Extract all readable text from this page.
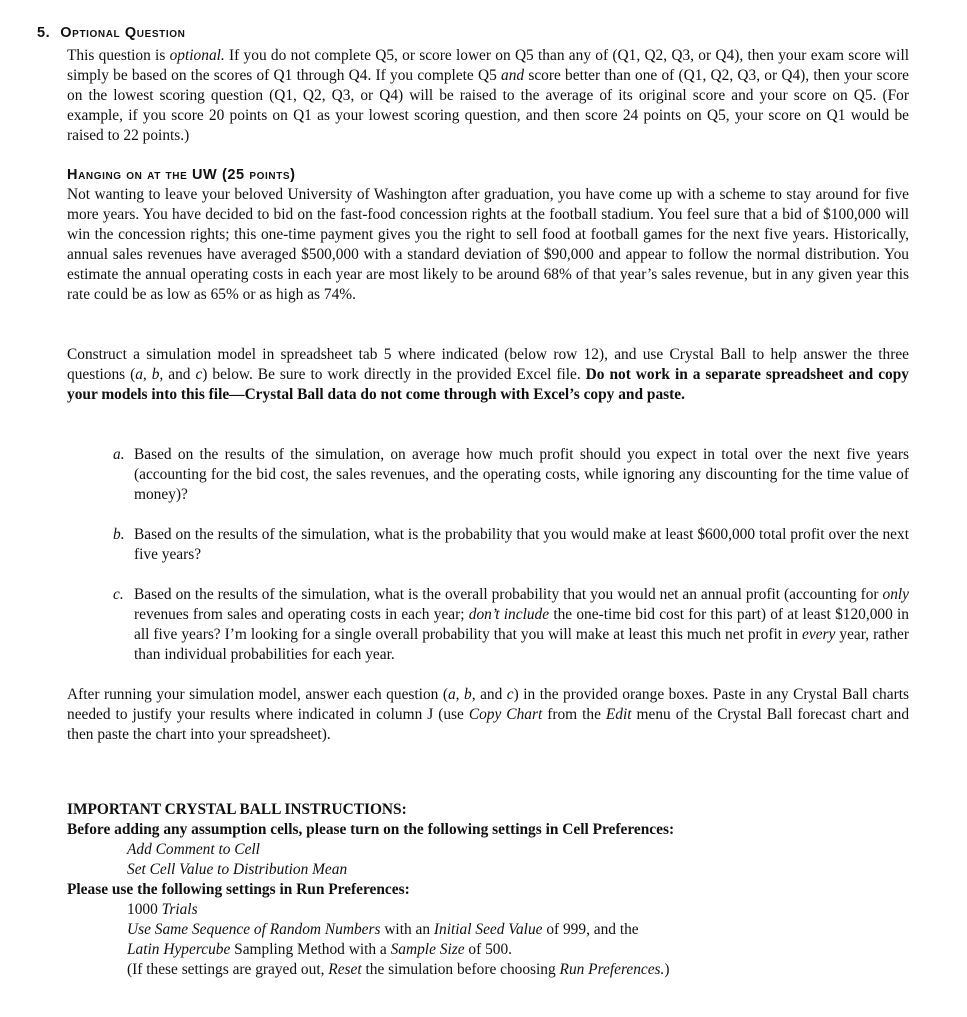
5. Optional Question
This question is optional. If you do not complete Q5, or score lower on Q5 than any of (Q1, Q2, Q3, or Q4), then your exam score will simply be based on the scores of Q1 through Q4. If you complete Q5 and score better than one of (Q1, Q2, Q3, or Q4), then your score on the lowest scoring question (Q1, Q2, Q3, or Q4) will be raised to the average of its original score and your score on Q5. (For example, if you score 20 points on Q1 as your lowest scoring question, and then score 24 points on Q5, your score on Q1 would be raised to 22 points.)
Hanging on at the UW (25 points)
Not wanting to leave your beloved University of Washington after graduation, you have come up with a scheme to stay around for five more years. You have decided to bid on the fast-food concession rights at the football stadium. You feel sure that a bid of $100,000 will win the concession rights; this one-time payment gives you the right to sell food at football games for the next five years. Historically, annual sales revenues have averaged $500,000 with a standard deviation of $90,000 and appear to follow the normal distribution. You estimate the annual operating costs in each year are most likely to be around 68% of that year’s sales revenue, but in any given year this rate could be as low as 65% or as high as 74%.
Construct a simulation model in spreadsheet tab 5 where indicated (below row 12), and use Crystal Ball to help answer the three questions (a, b, and c) below. Be sure to work directly in the provided Excel file. Do not work in a separate spreadsheet and copy your models into this file—Crystal Ball data do not come through with Excel’s copy and paste.
a. Based on the results of the simulation, on average how much profit should you expect in total over the next five years (accounting for the bid cost, the sales revenues, and the operating costs, while ignoring any discounting for the time value of money)?
b. Based on the results of the simulation, what is the probability that you would make at least $600,000 total profit over the next five years?
c. Based on the results of the simulation, what is the overall probability that you would net an annual profit (accounting for only revenues from sales and operating costs in each year; don’t include the one-time bid cost for this part) of at least $120,000 in all five years? I’m looking for a single overall probability that you will make at least this much net profit in every year, rather than individual probabilities for each year.
After running your simulation model, answer each question (a, b, and c) in the provided orange boxes. Paste in any Crystal Ball charts needed to justify your results where indicated in column J (use Copy Chart from the Edit menu of the Crystal Ball forecast chart and then paste the chart into your spreadsheet).
IMPORTANT CRYSTAL BALL INSTRUCTIONS:
Before adding any assumption cells, please turn on the following settings in Cell Preferences:
Add Comment to Cell
Set Cell Value to Distribution Mean
Please use the following settings in Run Preferences:
1000 Trials
Use Same Sequence of Random Numbers with an Initial Seed Value of 999, and the
Latin Hypercube Sampling Method with a Sample Size of 500.
(If these settings are grayed out, Reset the simulation before choosing Run Preferences.)
